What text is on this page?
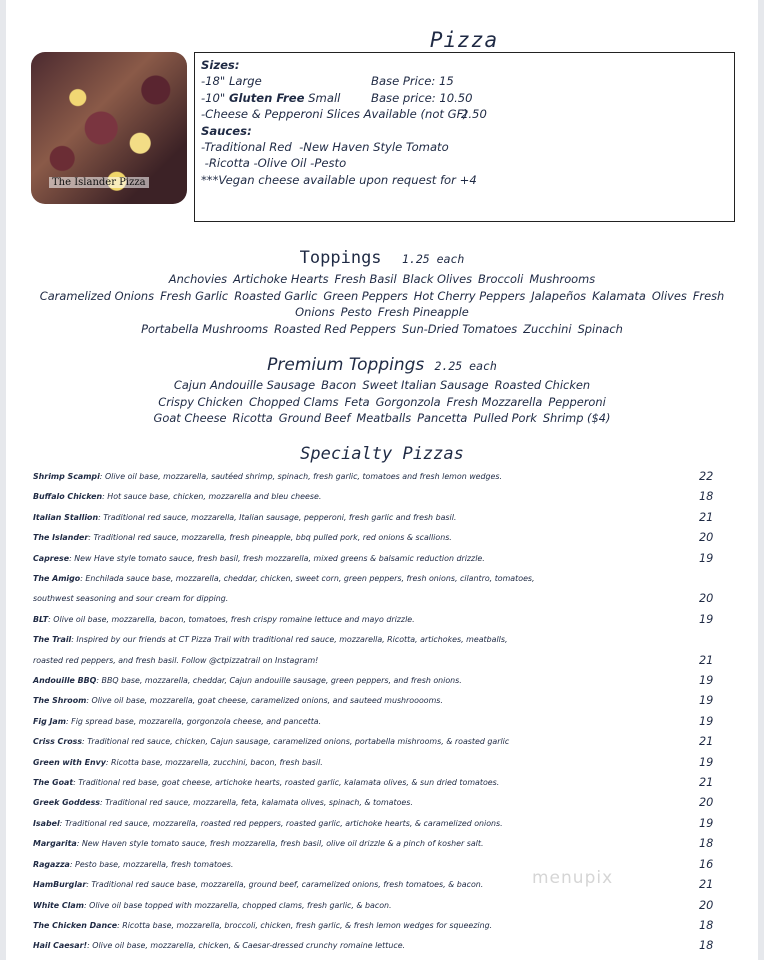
Pizza
The Islander Pizza
Sizes:
-18" Large	Base Price: 15
-10" Gluten Free Small	Base price: 10.50
-Cheese & Pepperoni Slices Available (not GF)
2.50
Sauces:
-Traditional Red  -New Haven Style Tomato
-Ricotta -Olive Oil -Pesto
***Vegan cheese available upon request for +4
Toppings 1.25 each
Anchovies Artichoke Hearts Fresh Basil Black Olives Broccoli Mushrooms
Caramelized Onions Fresh Garlic Roasted Garlic Green Peppers Hot Cherry Peppers Jalapeños Kalamata Olives Fresh
Onions Pesto Fresh Pineapple
Portabella Mushrooms Roasted Red Peppers Sun-Dried Tomatoes Zucchini Spinach
Premium Toppings 2.25 each
Cajun Andouille Sausage Bacon Sweet Italian Sausage Roasted Chicken
Crispy Chicken Chopped Clams Feta Gorgonzola Fresh Mozzarella Pepperoni
Goat Cheese Ricotta Ground Beef Meatballs Pancetta Pulled Pork Shrimp ($4)
Specialty Pizzas
Shrimp Scampi: Olive oil base, mozzarella, sautéed shrimp, spinach, fresh garlic, tomatoes and fresh lemon wedges.	22
Buffalo Chicken: Hot sauce base, chicken, mozzarella and bleu cheese.	18
Italian Stallion: Traditional red sauce, mozzarella, Italian sausage, pepperoni, fresh garlic and fresh basil.	21
The Islander: Traditional red sauce, mozzarella, fresh pineapple, bbq pulled pork, red onions & scallions.	20
Caprese: New Have style tomato sauce, fresh basil, fresh mozzarella, mixed greens & balsamic reduction drizzle.	19
The Amigo: Enchilada sauce base, mozzarella, cheddar, chicken, sweet corn, green peppers, fresh onions, cilantro, tomatoes,
southwest seasoning and sour cream for dipping.	20
BLT: Olive oil base, mozzarella, bacon, tomatoes, fresh crispy romaine lettuce and mayo drizzle.	19
The Trail: Inspired by our friends at CT Pizza Trail with traditional red sauce, mozzarella, Ricotta, artichokes, meatballs,
roasted red peppers, and fresh basil. Follow @ctpizzatrail on Instagram!	21
Andouille BBQ: BBQ base, mozzarella, cheddar, Cajun andouille sausage, green peppers, and fresh onions.	19
The Shroom: Olive oil base, mozzarella, goat cheese, caramelized onions, and sauteed mushrooooms.	19
Fig Jam: Fig spread base, mozzarella, gorgonzola cheese, and pancetta.	19
Criss Cross: Traditional red sauce, chicken, Cajun sausage, caramelized onions, portabella mishrooms, & roasted garlic	21
Green with Envy: Ricotta base, mozzarella, zucchini, bacon, fresh basil.	19
The Goat: Traditional red base, goat cheese, artichoke hearts, roasted garlic, kalamata olives, & sun dried tomatoes.	21
Greek Goddess: Traditional red sauce, mozzarella, feta, kalamata olives, spinach, & tomatoes.	20
Isabel: Traditional red sauce, mozzarella, roasted red peppers, roasted garlic, artichoke hearts, & caramelized onions.	19
Margarita: New Haven style tomato sauce, fresh mozzarella, fresh basil, olive oil drizzle & a pinch of kosher salt.	18
Ragazza: Pesto base, mozzarella, fresh tomatoes.	16
HamBurglar: Traditional red sauce base, mozzarella, ground beef, caramelized onions, fresh tomatoes, & bacon.	21
White Clam: Olive oil base topped with mozzarella, chopped clams, fresh garlic, & bacon.	20
The Chicken Dance: Ricotta base, mozzarella, broccoli, chicken, fresh garlic, & fresh lemon wedges for squeezing.	18
Hail Caesar!: Olive oil base, mozzarella, chicken, & Caesar-dressed crunchy romaine lettuce.	18
menupix
